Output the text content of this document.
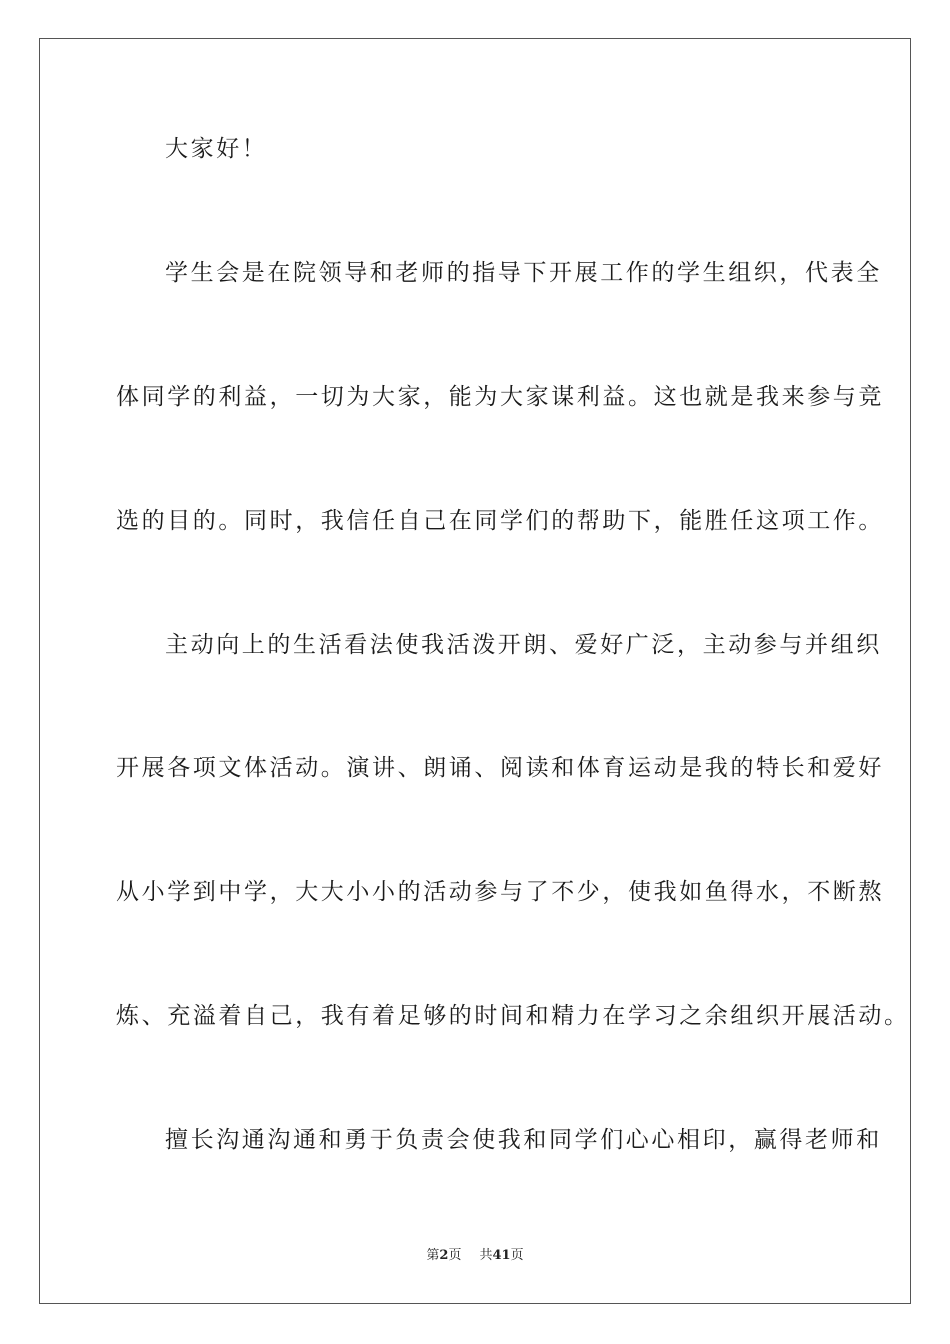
大家好！
学生会是在院领导和老师的指导下开展工作的学生组织，代表全
体同学的利益，一切为大家，能为大家谋利益。这也就是我来参与竞
选的目的。同时，我信任自己在同学们的帮助下，能胜任这项工作。
主动向上的生活看法使我活泼开朗、爱好广泛，主动参与并组织
开展各项文体活动。演讲、朗诵、阅读和体育运动是我的特长和爱好
从小学到中学，大大小小的活动参与了不少，使我如鱼得水，不断熬
炼、充溢着自己，我有着足够的时间和精力在学习之余组织开展活动。
擅长沟通沟通和勇于负责会使我和同学们心心相印，赢得老师和
第2页 共41页
